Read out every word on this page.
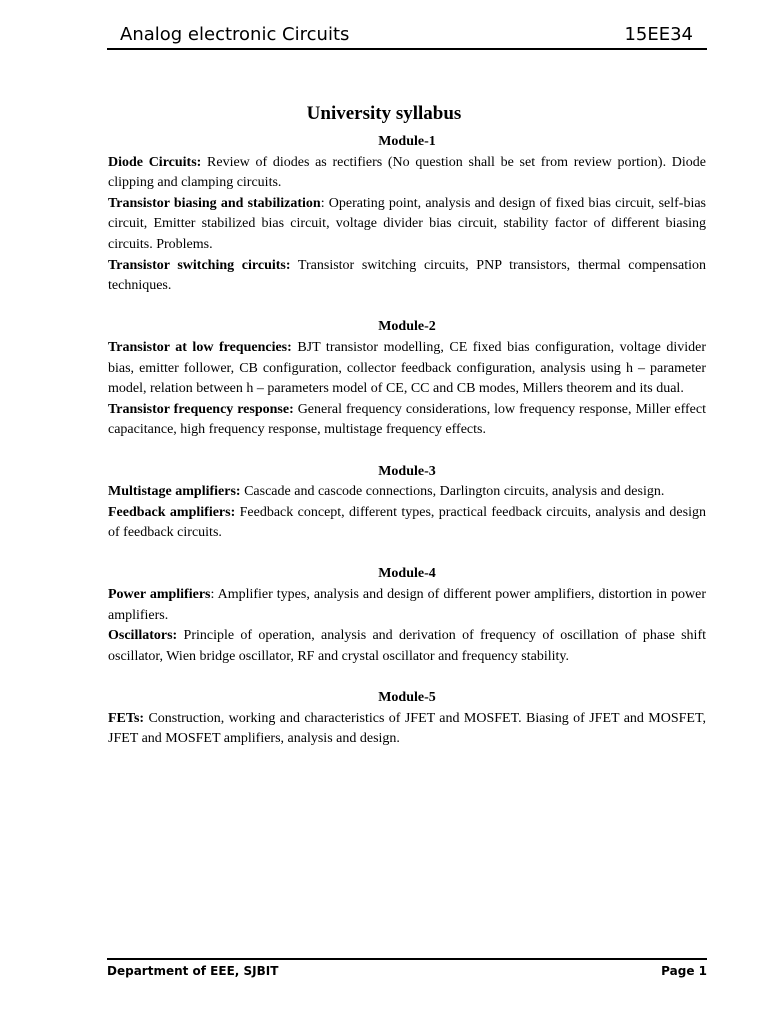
Analog electronic Circuits	15EE34
University syllabus

Module-1

Diode Circuits: Review of diodes as rectifiers (No question shall be set from review portion). Diode clipping and clamping circuits.

Transistor biasing and stabilization: Operating point, analysis and design of fixed bias circuit, self-bias circuit, Emitter stabilized bias circuit, voltage divider bias circuit, stability factor of different biasing circuits. Problems.

Transistor switching circuits: Transistor switching circuits, PNP transistors, thermal compensation techniques.

Module-2

Transistor at low frequencies: BJT transistor modelling, CE fixed bias configuration, voltage divider bias, emitter follower, CB configuration, collector feedback configuration, analysis using h – parameter model, relation between h – parameters model of CE, CC and CB modes, Millers theorem and its dual.

Transistor frequency response: General frequency considerations, low frequency response, Miller effect capacitance, high frequency response, multistage frequency effects.

Module-3

Multistage amplifiers: Cascade and cascode connections, Darlington circuits, analysis and design.

Feedback amplifiers: Feedback concept, different types, practical feedback circuits, analysis and design of feedback circuits.

Module-4

Power amplifiers: Amplifier types, analysis and design of different power amplifiers, distortion in power amplifiers.

Oscillators: Principle of operation, analysis and derivation of frequency of oscillation of phase shift oscillator, Wien bridge oscillator, RF and crystal oscillator and frequency stability.

Module-5

FETs: Construction, working and characteristics of JFET and MOSFET. Biasing of JFET and MOSFET, JFET and MOSFET amplifiers, analysis and design.

Department of EEE, SJBIT	Page 1
